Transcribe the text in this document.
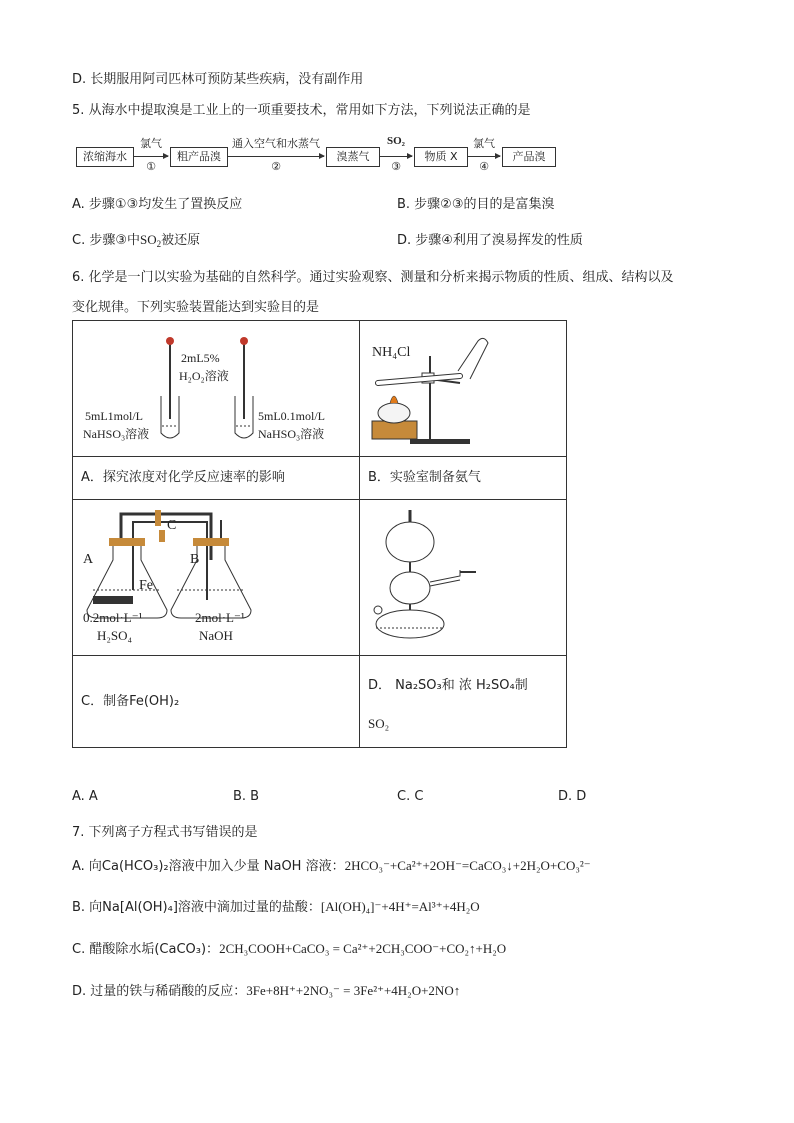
D. 长期服用阿司匹林可预防某些疾病，没有副作用
5. 从海水中提取溴是工业上的一项重要技术，常用如下方法，下列说法正确的是
浓缩海水
氯气
①
粗产品溴
通入空气和水蒸气
②
溴蒸气
SO₂
③
物质 X
氯气
④
产品溴
A. 步骤①③均发生了置换反应	B. 步骤②③的目的是富集溴
C. 步骤③中$SO_2$被还原	D. 步骤④利用了溴易挥发的性质
6. 化学是一门以实验为基础的自然科学。通过实验观察、测量和分析来揭示物质的性质、组成、结构以及
变化规律。下列实验装置能达到实验目的是
2mL5%
H₂O₂溶液
5mL1mol/L
NaHSO₃溶液
5mL0.1mol/L
NaHSO₃溶液
NH₄Cl
A．探究浓度对化学反应速率的影响	B．实验室制备氨气
A	B
C
Fe
0.2mol·L⁻¹
H₂SO₄
2mol·L⁻¹
NaOH
C．制备Fe(OH)₂
D． Na₂SO₃和 浓 H₂SO₄制
SO₂
A. A	B. B	C. C	D. D
7. 下列离子方程式书写错误的是
A. 向Ca(HCO₃)₂溶液中加入少量 NaOH 溶液：2HCO₃⁻+Ca²⁺+2OH⁻=CaCO₃↓+2H₂O+CO₃²⁻
B. 向Na[Al(OH)₄]溶液中滴加过量的盐酸：[Al(OH)₄]⁻+4H⁺=Al³⁺+4H₂O
C. 醋酸除水垢(CaCO₃)：2CH₃COOH+CaCO₃ = Ca²⁺+2CH₃COO⁻+CO₂↑+H₂O
D. 过量的铁与稀硝酸的反应：3Fe+8H⁺+2NO₃⁻ = 3Fe²⁺+4H₂O+2NO↑
